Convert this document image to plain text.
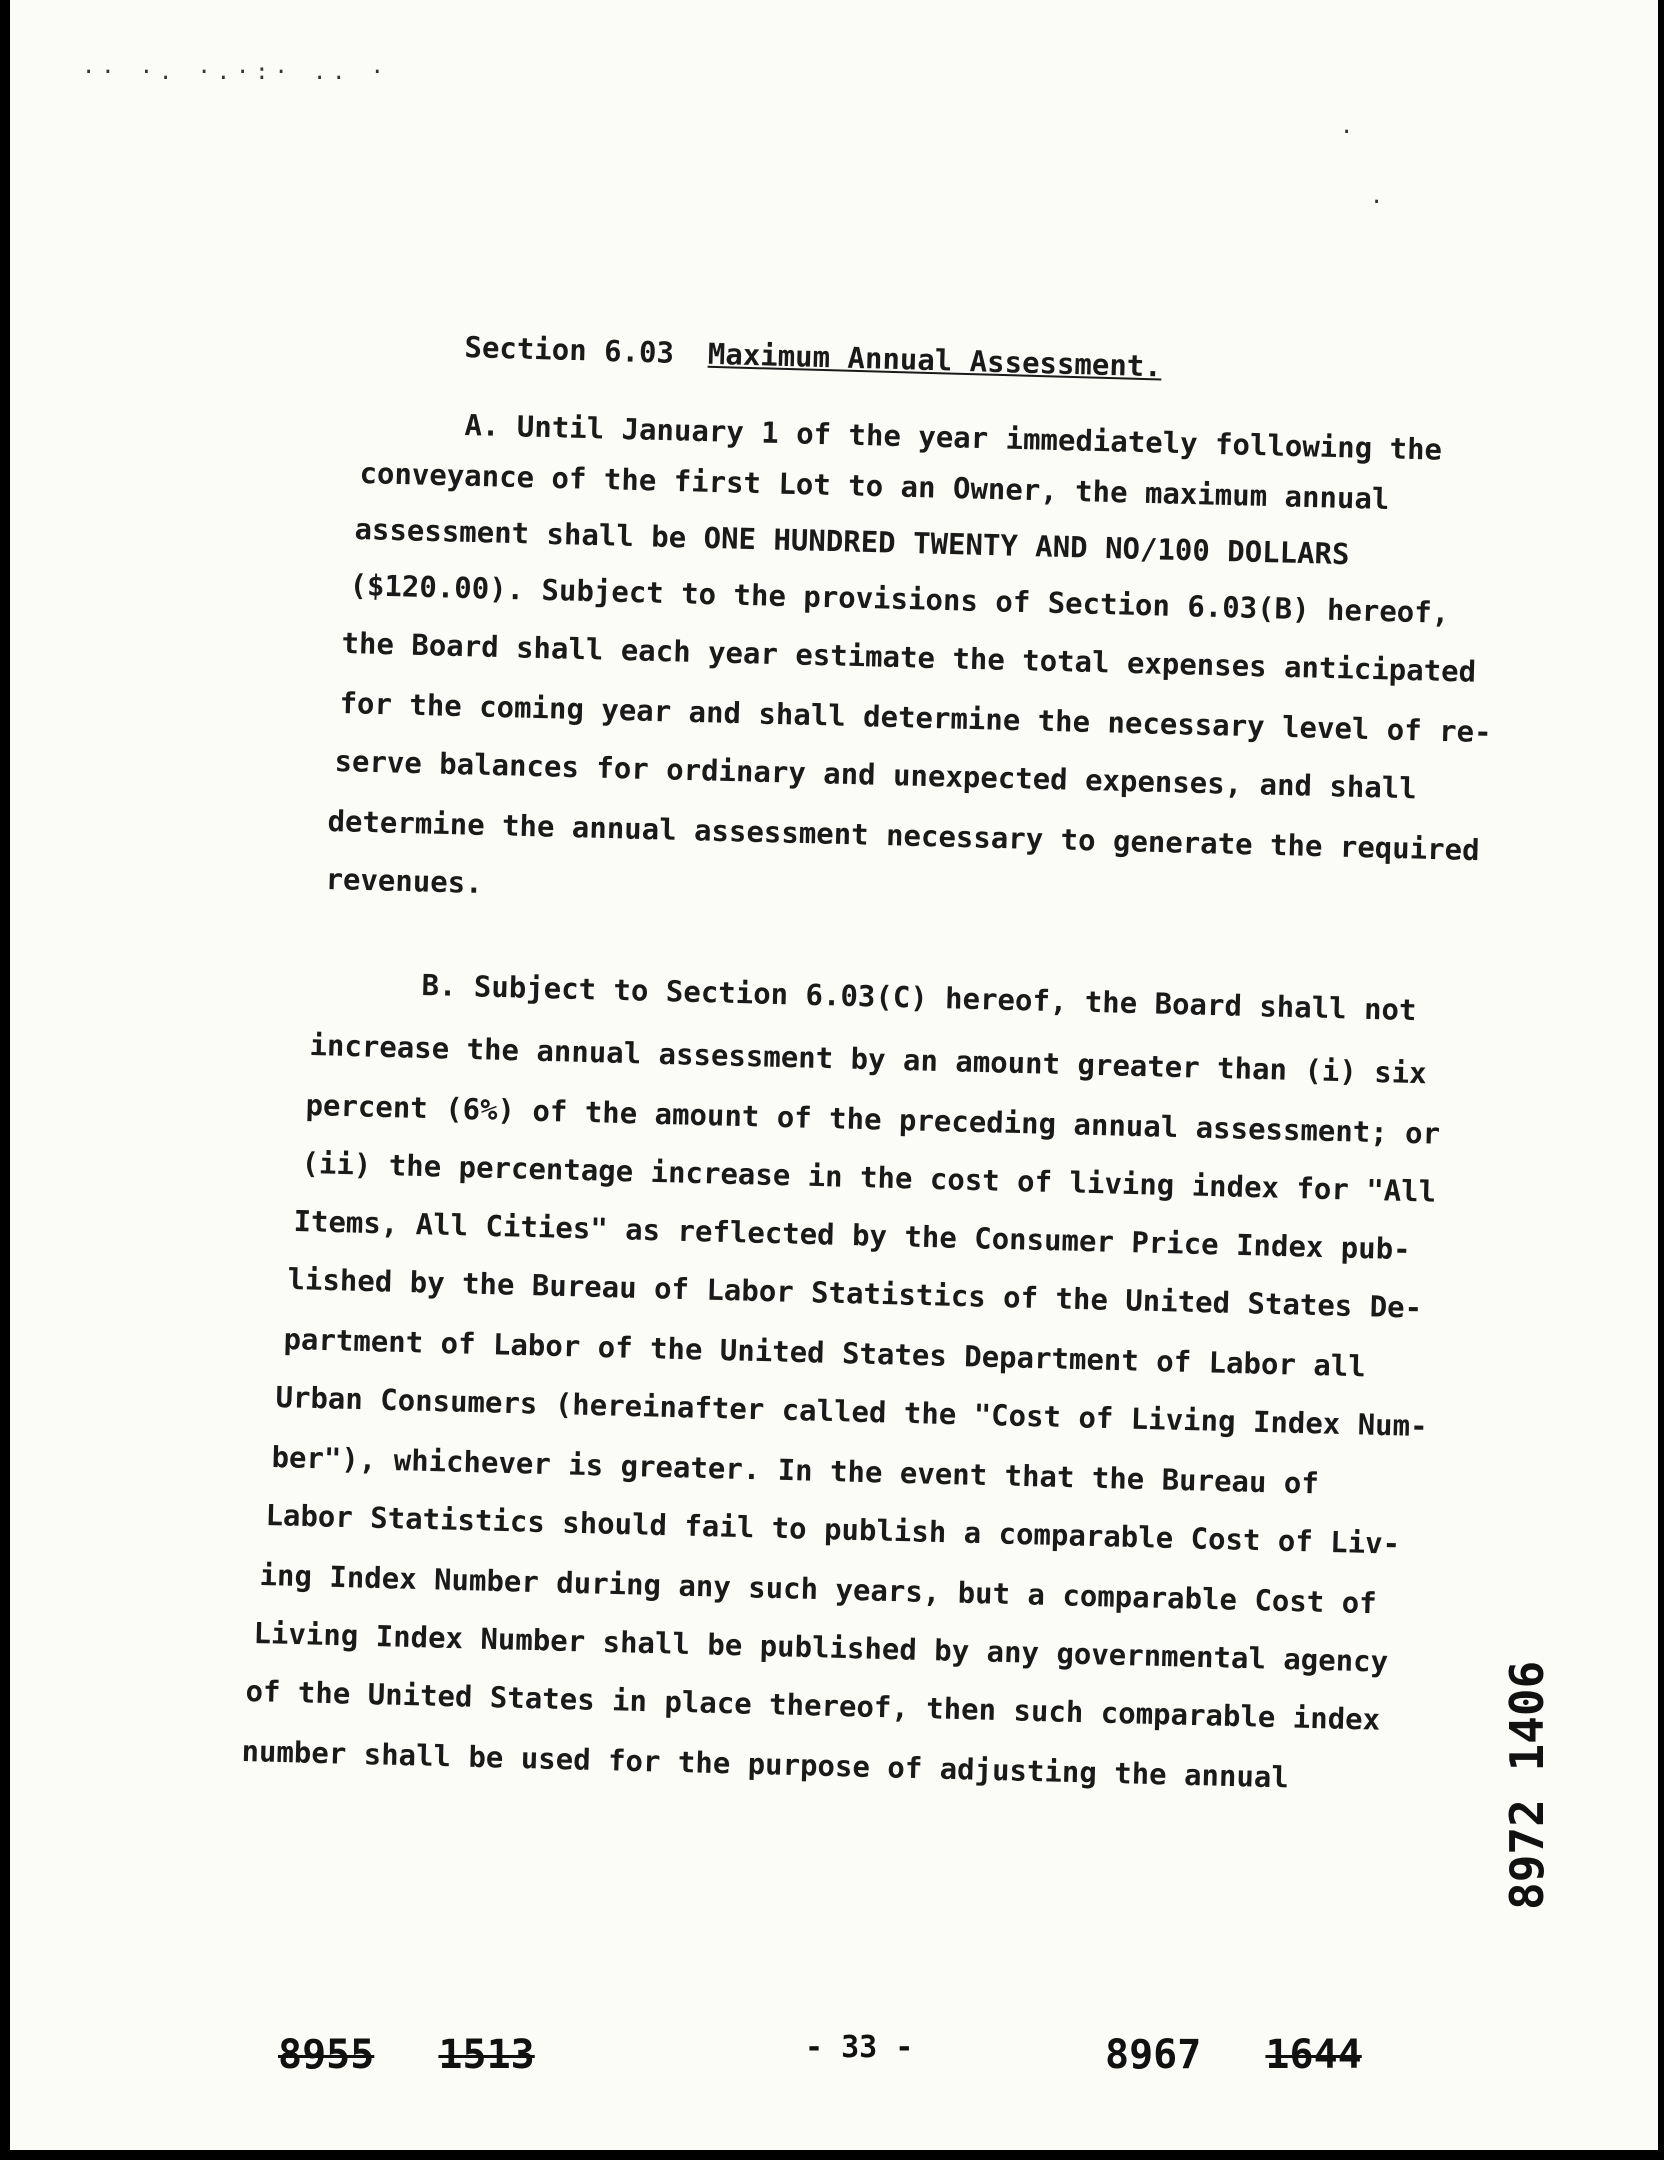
·· ·. ·.·:· .. ·
·
·
Section 6.03 Maximum Annual Assessment.
A. Until January 1 of the year immediately following the
conveyance of the first Lot to an Owner, the maximum annual
assessment shall be ONE HUNDRED TWENTY AND NO/100 DOLLARS
($120.00). Subject to the provisions of Section 6.03(B) hereof,
the Board shall each year estimate the total expenses anticipated
for the coming year and shall determine the necessary level of re-
serve balances for ordinary and unexpected expenses, and shall
determine the annual assessment necessary to generate the required
revenues.
B. Subject to Section 6.03(C) hereof, the Board shall not
increase the annual assessment by an amount greater than (i) six
percent (6%) of the amount of the preceding annual assessment; or
(ii) the percentage increase in the cost of living index for "All
Items, All Cities" as reflected by the Consumer Price Index pub-
lished by the Bureau of Labor Statistics of the United States De-
partment of Labor of the United States Department of Labor all
Urban Consumers (hereinafter called the "Cost of Living Index Num-
ber"), whichever is greater. In the event that the Bureau of
Labor Statistics should fail to publish a comparable Cost of Liv-
ing Index Number during any such years, but a comparable Cost of
Living Index Number shall be published by any governmental agency
of the United States in place thereof, then such comparable index
number shall be used for the purpose of adjusting the annual	8972 1406
8955 1513	- 33 -	8967 1644
